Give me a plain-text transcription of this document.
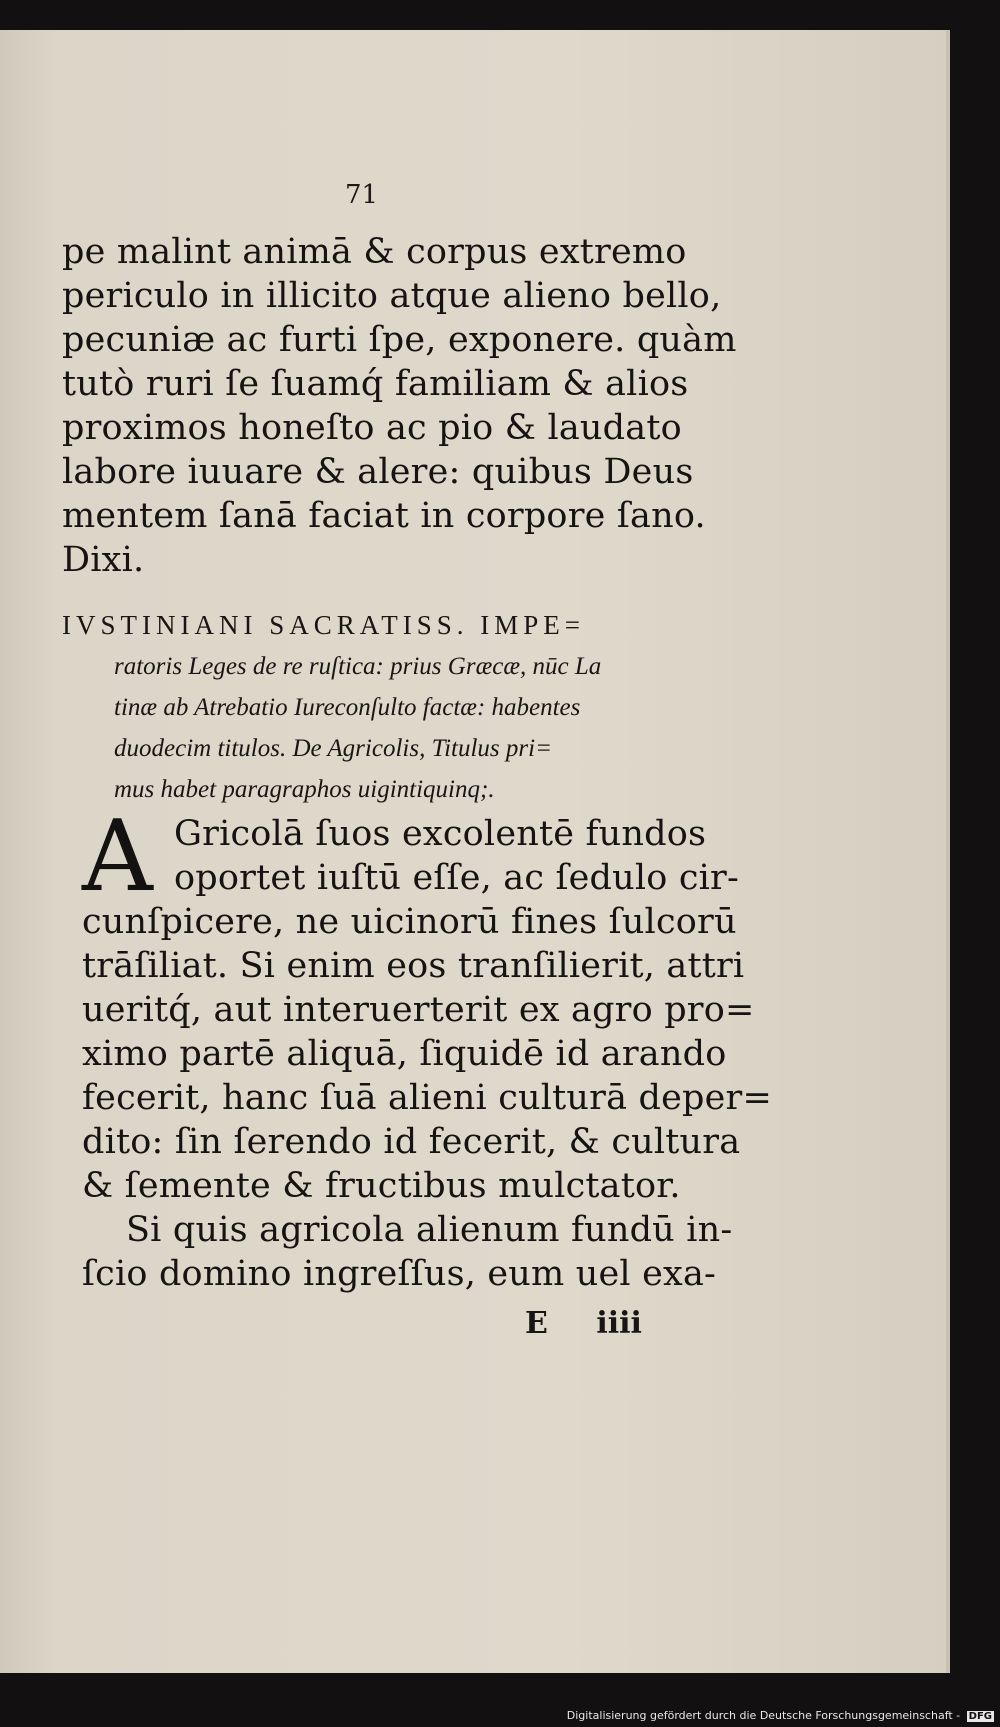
71
pe malint animā & corpus extremo
periculo in illicito atque alieno bello,
pecuniæ ac furti ſpe, exponere. quàm
tutò ruri ſe ſuamq́ familiam & alios
proximos honeſto ac pio & laudato
labore iuuare & alere: quibus Deus
mentem ſanā faciat in corpore ſano.
Dixi.
IVSTINIANI SACRATISS. IMPE=
ratoris Leges de re ruſtica: prius Græcæ, nūc La
tinæ ab Atrebatio Iureconſulto factæ: habentes
duodecim titulos. De Agricolis, Titulus pri=
mus habet paragraphos uigintiquinq;.
A Gricolā ſuos excolentē fundos
oportet iuſtū eſſe, ac ſedulo cir-
cunſpicere, ne uicinorū fines ſulcorū
trāſiliat. Si enim eos tranſilierit, attri
ueritq́, aut interuerterit ex agro pro=
ximo partē aliquā, ſiquidē id arando
fecerit, hanc ſuā alieni culturā deper=
dito: ſin ſerendo id fecerit, & cultura
& ſemente & fructibus mulctator.
Si quis agricola alienum fundū in-
ſcio domino ingreſſus, eum uel exa-
E iiii
Digitalisierung gefördert durch die Deutsche Forschungsgemeinschaft - DFG
